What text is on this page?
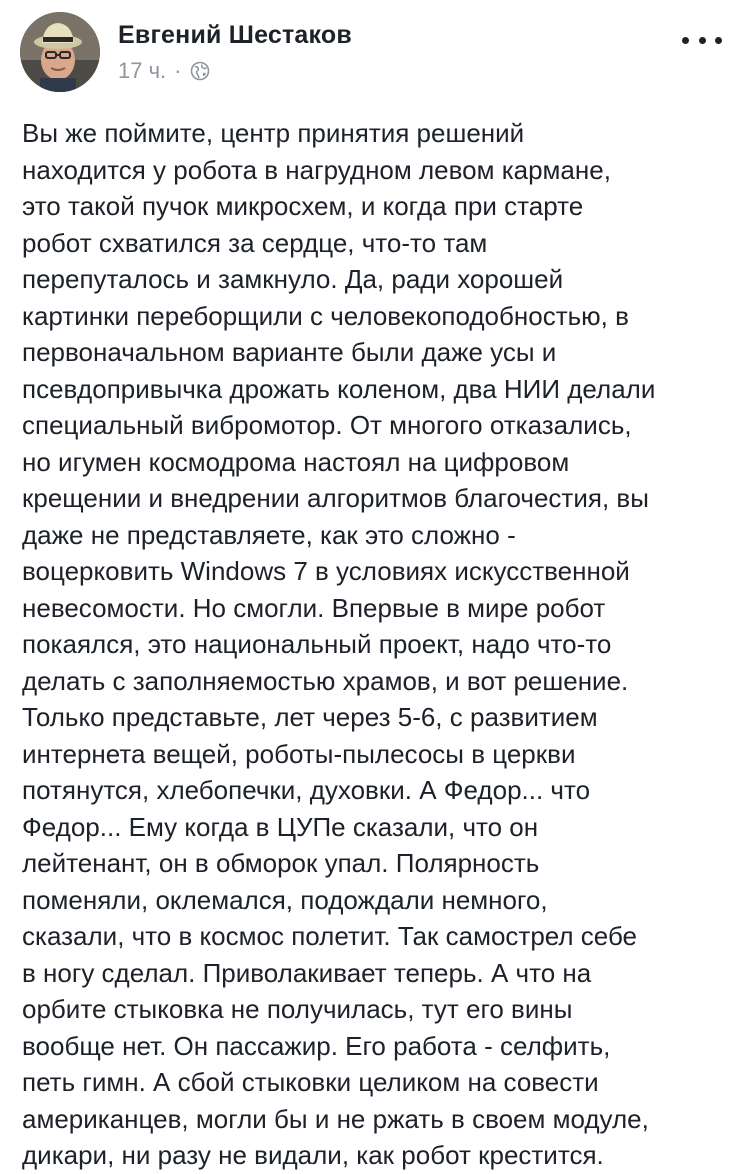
Евгений Шестаков
17 ч. ·
Вы же поймите, центр принятия решений
находится у робота в нагрудном левом кармане,
это такой пучок микросхем, и когда при старте
робот схватился за сердце, что-то там
перепуталось и замкнуло. Да, ради хорошей
картинки переборщили с человекоподобностью, в
первоначальном варианте были даже усы и
псевдопривычка дрожать коленом, два НИИ делали
специальный вибромотор. От многого отказались,
но игумен космодрома настоял на цифровом
крещении и внедрении алгоритмов благочестия, вы
даже не представляете, как это сложно -
воцерковить Windows 7 в условиях искусственной
невесомости. Но смогли. Впервые в мире робот
покаялся, это национальный проект, надо что-то
делать с заполняемостью храмов, и вот решение.
Только представьте, лет через 5-6, с развитием
интернета вещей, роботы-пылесосы в церкви
потянутся, хлебопечки, духовки. А Федор... что
Федор... Ему когда в ЦУПе сказали, что он
лейтенант, он в обморок упал. Полярность
поменяли, оклемался, подождали немного,
сказали, что в космос полетит. Так самострел себе
в ногу сделал. Приволакивает теперь. А что на
орбите стыковка не получилась, тут его вины
вообще нет. Он пассажир. Его работа - селфить,
петь гимн. А сбой стыковки целиком на совести
американцев, могли бы и не ржать в своем модуле,
дикари, ни разу не видали, как робот крестится.
